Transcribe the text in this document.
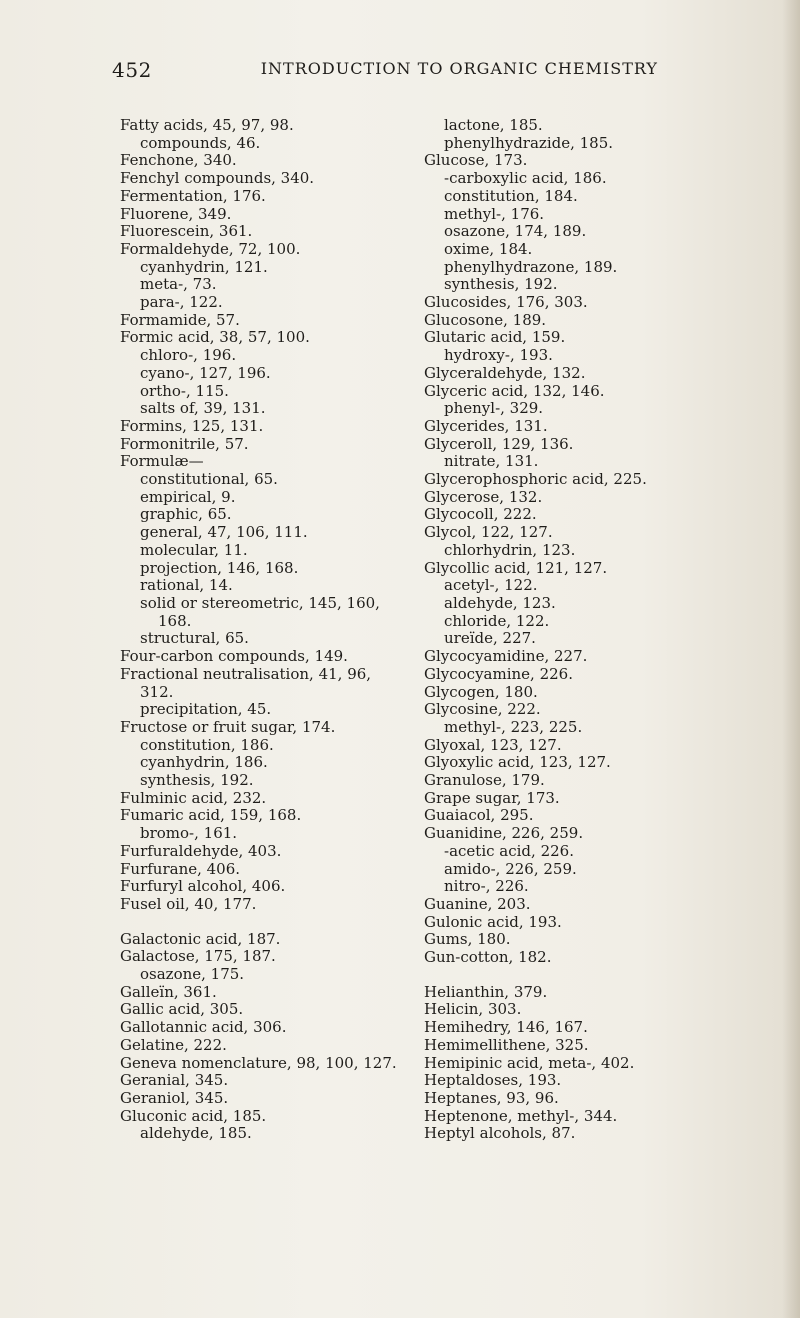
452	INTRODUCTION TO ORGANIC CHEMISTRY
Fatty acids, 45, 97, 98.
compounds, 46.
Fenchone, 340.
Fenchyl compounds, 340.
Fermentation, 176.
Fluorene, 349.
Fluorescein, 361.
Formaldehyde, 72, 100.
cyanhydrin, 121.
meta-, 73.
para-, 122.
Formamide, 57.
Formic acid, 38, 57, 100.
chloro-, 196.
cyano-, 127, 196.
ortho-, 115.
salts of, 39, 131.
Formins, 125, 131.
Formonitrile, 57.
Formulæ—
constitutional, 65.
empirical, 9.
graphic, 65.
general, 47, 106, 111.
molecular, 11.
projection, 146, 168.
rational, 14.
solid or stereometric, 145, 160,
168.
structural, 65.
Four-carbon compounds, 149.
Fractional neutralisation, 41, 96,
312.
precipitation, 45.
Fructose or fruit sugar, 174.
constitution, 186.
cyanhydrin, 186.
synthesis, 192.
Fulminic acid, 232.
Fumaric acid, 159, 168.
bromo-, 161.
Furfuraldehyde, 403.
Furfurane, 406.
Furfuryl alcohol, 406.
Fusel oil, 40, 177.
Galactonic acid, 187.
Galactose, 175, 187.
osazone, 175.
Galleïn, 361.
Gallic acid, 305.
Gallotannic acid, 306.
Gelatine, 222.
Geneva nomenclature, 98, 100, 127.
Geranial, 345.
Geraniol, 345.
Gluconic acid, 185.
aldehyde, 185.
lactone, 185.
phenylhydrazide, 185.
Glucose, 173.
-carboxylic acid, 186.
constitution, 184.
methyl-, 176.
osazone, 174, 189.
oxime, 184.
phenylhydrazone, 189.
synthesis, 192.
Glucosides, 176, 303.
Glucosone, 189.
Glutaric acid, 159.
hydroxy-, 193.
Glyceraldehyde, 132.
Glyceric acid, 132, 146.
phenyl-, 329.
Glycerides, 131.
Glyceroll, 129, 136.
nitrate, 131.
Glycerophosphoric acid, 225.
Glycerose, 132.
Glycocoll, 222.
Glycol, 122, 127.
chlorhydrin, 123.
Glycollic acid, 121, 127.
acetyl-, 122.
aldehyde, 123.
chloride, 122.
ureïde, 227.
Glycocyamidine, 227.
Glycocyamine, 226.
Glycogen, 180.
Glycosine, 222.
methyl-, 223, 225.
Glyoxal, 123, 127.
Glyoxylic acid, 123, 127.
Granulose, 179.
Grape sugar, 173.
Guaiacol, 295.
Guanidine, 226, 259.
-acetic acid, 226.
amido-, 226, 259.
nitro-, 226.
Guanine, 203.
Gulonic acid, 193.
Gums, 180.
Gun-cotton, 182.
Helianthin, 379.
Helicin, 303.
Hemihedry, 146, 167.
Hemimellithene, 325.
Hemipinic acid, meta-, 402.
Heptaldoses, 193.
Heptanes, 93, 96.
Heptenone, methyl-, 344.
Heptyl alcohols, 87.
